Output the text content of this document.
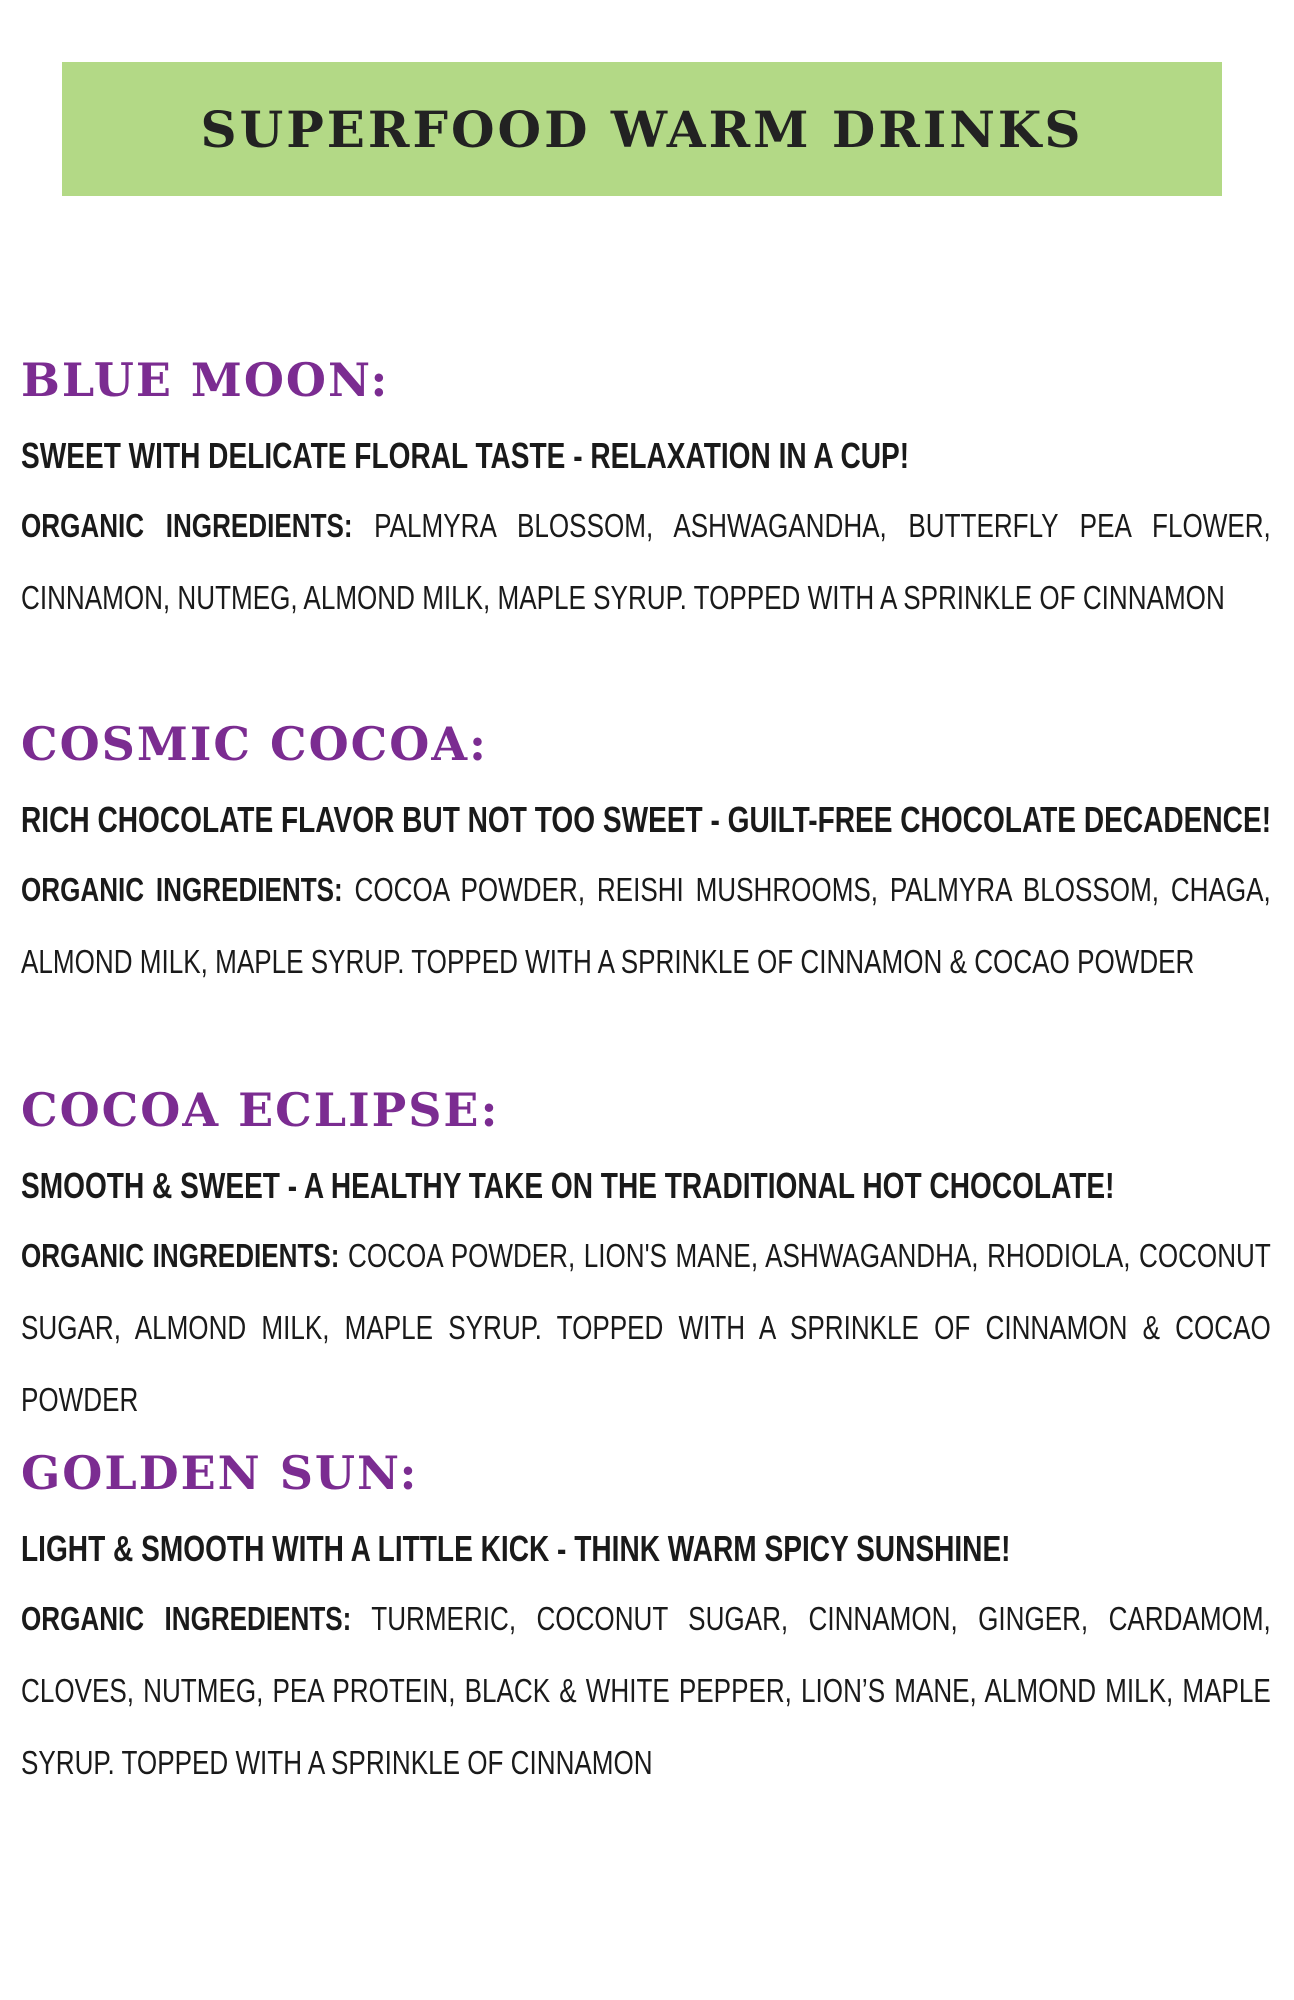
SUPERFOOD WARM DRINKS
BLUE MOON:
SWEET WITH DELICATE FLORAL TASTE - RELAXATION IN A CUP!
ORGANIC INGREDIENTS: PALMYRA BLOSSOM, ASHWAGANDHA, BUTTERFLY PEA FLOWER, CINNAMON, NUTMEG, ALMOND MILK, MAPLE SYRUP. TOPPED WITH A SPRINKLE OF CINNAMON
COSMIC COCOA:
RICH CHOCOLATE FLAVOR BUT NOT TOO SWEET - GUILT-FREE CHOCOLATE DECADENCE!
ORGANIC INGREDIENTS: COCOA POWDER, REISHI MUSHROOMS, PALMYRA BLOSSOM, CHAGA, ALMOND MILK, MAPLE SYRUP. TOPPED WITH A SPRINKLE OF CINNAMON & COCAO POWDER
COCOA ECLIPSE:
SMOOTH & SWEET - A HEALTHY TAKE ON THE TRADITIONAL HOT CHOCOLATE!
ORGANIC INGREDIENTS: COCOA POWDER, LION'S MANE, ASHWAGANDHA, RHODIOLA, COCONUT SUGAR, ALMOND MILK, MAPLE SYRUP. TOPPED WITH A SPRINKLE OF CINNAMON & COCAO POWDER
GOLDEN SUN:
LIGHT & SMOOTH WITH A LITTLE KICK - THINK WARM SPICY SUNSHINE!
ORGANIC INGREDIENTS: TURMERIC, COCONUT SUGAR, CINNAMON, GINGER, CARDAMOM, CLOVES, NUTMEG, PEA PROTEIN, BLACK & WHITE PEPPER, LION’S MANE, ALMOND MILK, MAPLE SYRUP. TOPPED WITH A SPRINKLE OF CINNAMON
